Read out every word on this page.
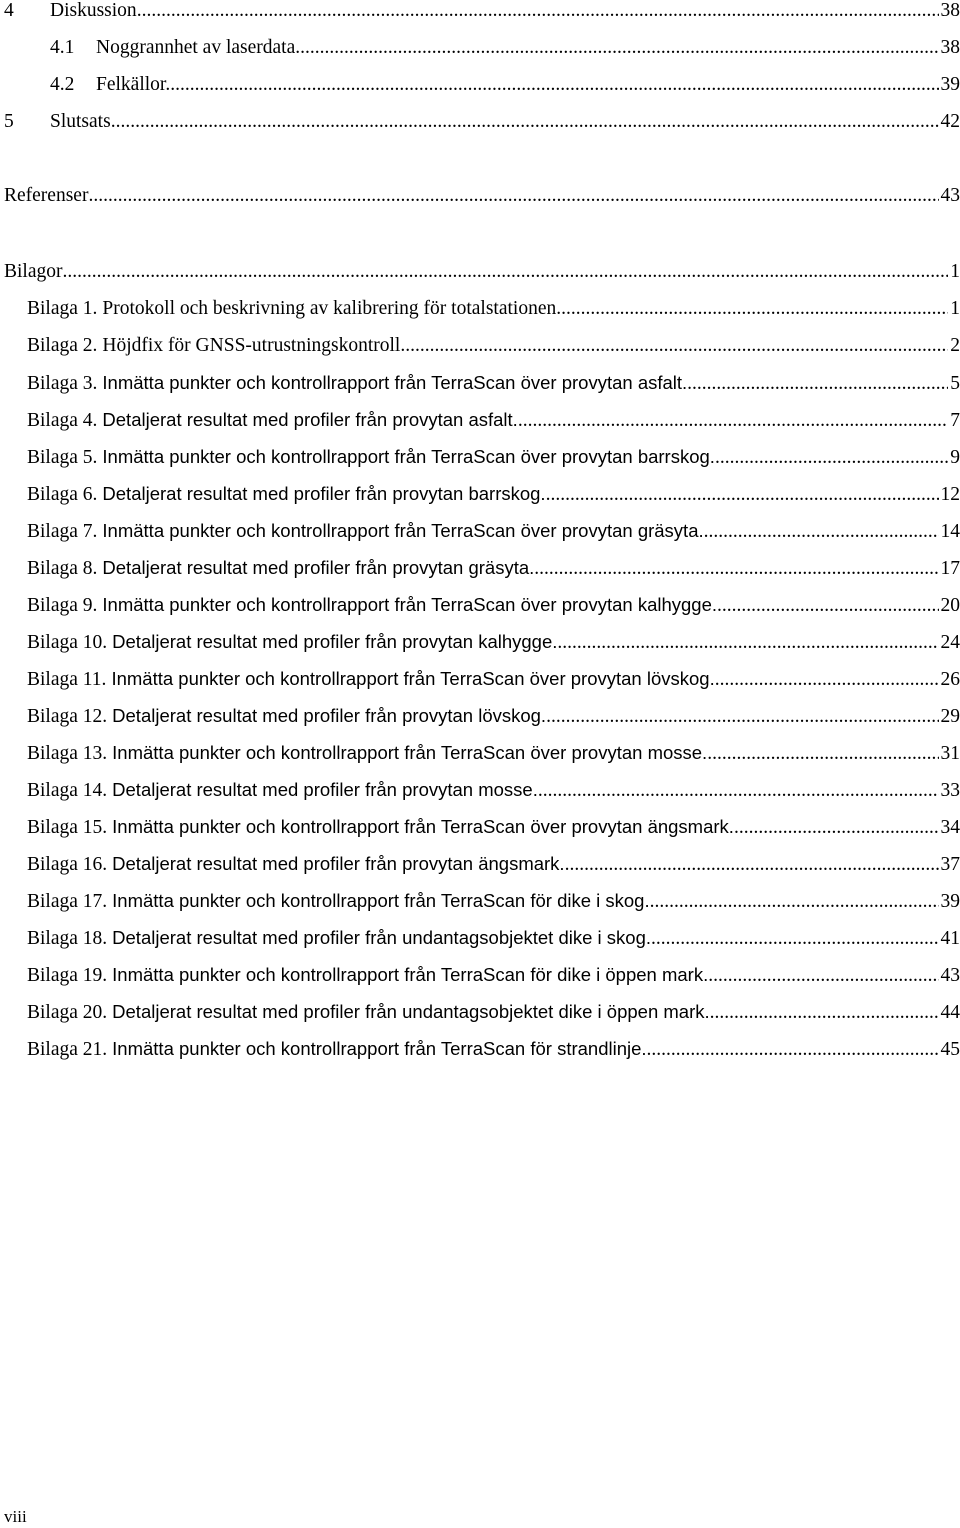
4	Diskussion .....	38
4.1	Noggrannhet av laserdata .....	38
4.2	Felkällor. .....	39
5	Slutsats .....	42
Referenser .....	43
Bilagor .....	1
Bilaga 1. Protokoll och beskrivning av kalibrering för totalstationen. .....	1
Bilaga 2. Höjdfix för GNSS-utrustningskontroll. .....	2
Bilaga 3. Inmätta punkter och kontrollrapport från TerraScan över provytan asfalt. .....	5
Bilaga 4. Detaljerat resultat med profiler från provytan asfalt. .....	7
Bilaga 5. Inmätta punkter och kontrollrapport från TerraScan över provytan barrskog. .....	9
Bilaga 6. Detaljerat resultat med profiler från provytan barrskog. .....	12
Bilaga 7. Inmätta punkter och kontrollrapport från TerraScan över provytan gräsyta. .....	14
Bilaga 8. Detaljerat resultat med profiler från provytan gräsyta. .....	17
Bilaga 9. Inmätta punkter och kontrollrapport från TerraScan över provytan kalhygge. .....	20
Bilaga 10. Detaljerat resultat med profiler från provytan kalhygge. .....	24
Bilaga 11. Inmätta punkter och kontrollrapport från TerraScan över provytan lövskog. .....	26
Bilaga 12. Detaljerat resultat med profiler från provytan lövskog. .....	29
Bilaga 13. Inmätta punkter och kontrollrapport från TerraScan över provytan mosse. .....	31
Bilaga 14. Detaljerat resultat med profiler från provytan mosse. .....	33
Bilaga 15. Inmätta punkter och kontrollrapport från TerraScan över provytan ängsmark. .....	34
Bilaga 16. Detaljerat resultat med profiler från provytan ängsmark. .....	37
Bilaga 17. Inmätta punkter och kontrollrapport från TerraScan för dike i skog. .....	39
Bilaga 18. Detaljerat resultat med profiler från undantagsobjektet dike i skog. .....	41
Bilaga 19. Inmätta punkter och kontrollrapport från TerraScan för dike i öppen mark. .....	43
Bilaga 20. Detaljerat resultat med profiler från undantagsobjektet dike i öppen mark. .....	44
Bilaga 21. Inmätta punkter och kontrollrapport från TerraScan för strandlinje. .....	45
viii
